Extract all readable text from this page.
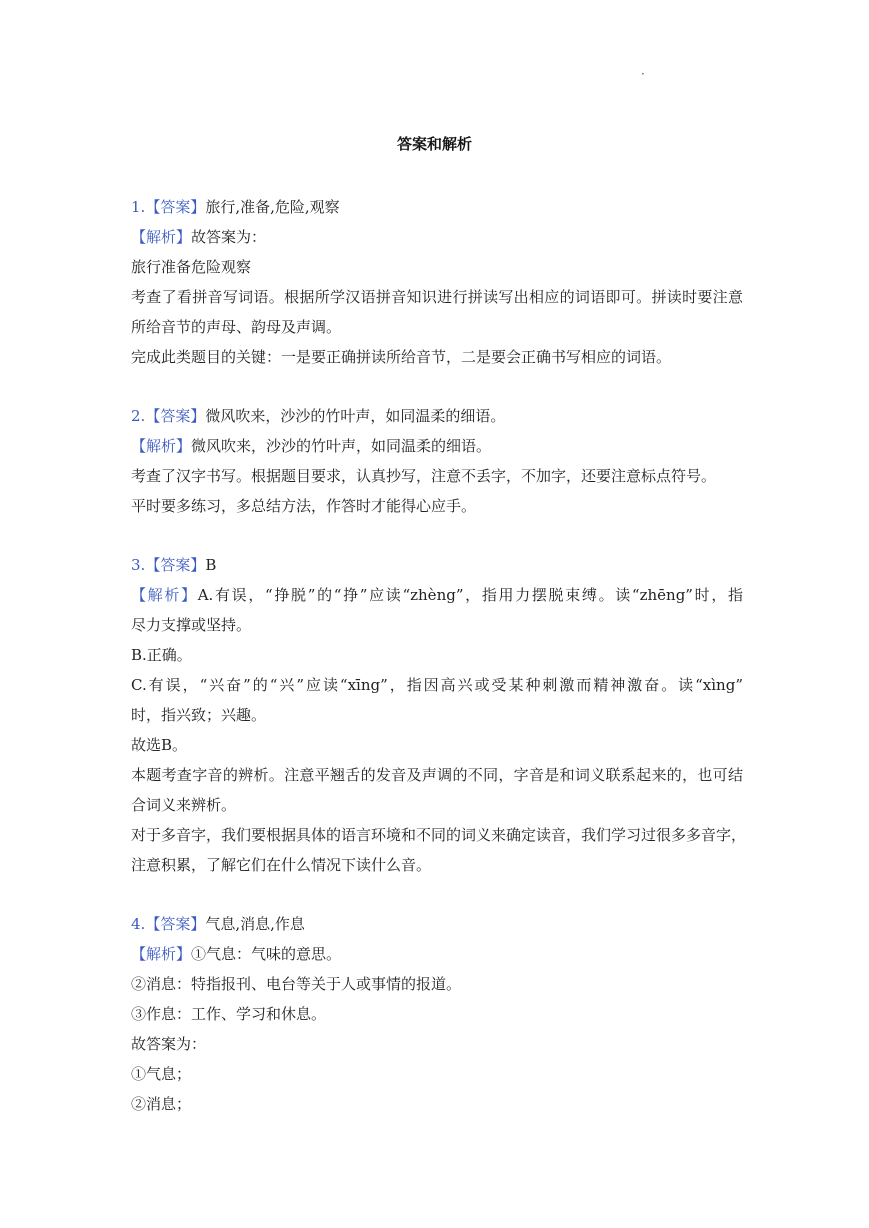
·
答案和解析
1.【答案】旅行,准备,危险,观察
【解析】故答案为：
旅行准备危险观察
考查了看拼音写词语。根据所学汉语拼音知识进行拼读写出相应的词语即可。拼读时要注意
所给音节的声母、韵母及声调。
完成此类题目的关键：一是要正确拼读所给音节，二是要会正确书写相应的词语。
2.【答案】微风吹来，沙沙的竹叶声，如同温柔的细语。
【解析】微风吹来，沙沙的竹叶声，如同温柔的细语。
考查了汉字书写。根据题目要求，认真抄写，注意不丢字，不加字，还要注意标点符号。
平时要多练习，多总结方法，作答时才能得心应手。
3.【答案】B
【解析】A.有误，“挣脱”的“挣”应读“zhèng”，指用力摆脱束缚。读“zhēng”时，指
尽力支撑或坚持。
B.正确。
C.有误，“兴奋”的“兴”应读“xīng”，指因高兴或受某种刺激而精神激奋。读“xìng”
时，指兴致；兴趣。
故选B。
本题考查字音的辨析。注意平翘舌的发音及声调的不同，字音是和词义联系起来的，也可结
合词义来辨析。
对于多音字，我们要根据具体的语言环境和不同的词义来确定读音，我们学习过很多多音字，
注意积累，了解它们在什么情况下读什么音。
4.【答案】气息,消息,作息
【解析】①气息：气味的意思。
②消息：特指报刊、电台等关于人或事情的报道。
③作息：工作、学习和休息。
故答案为：
①气息；
②消息；
